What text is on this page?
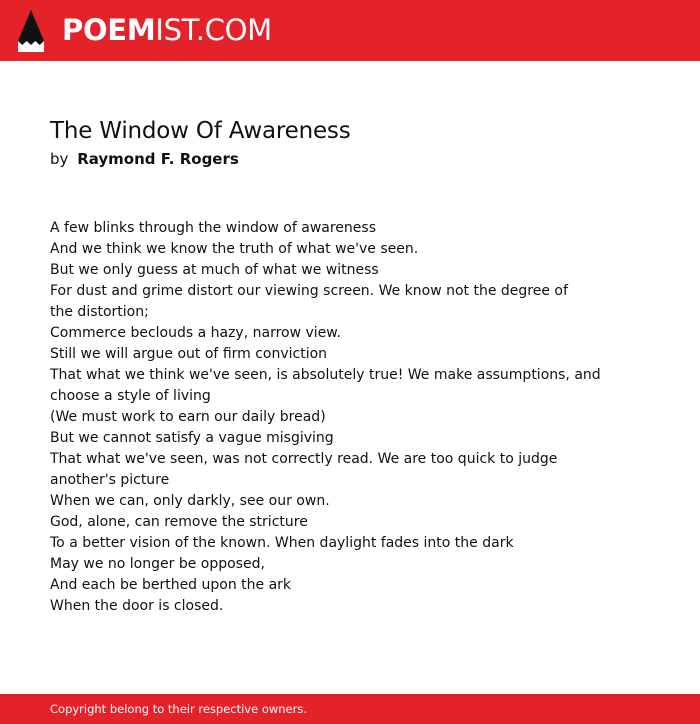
POEMIST.COM
The Window Of Awareness
by Raymond F. Rogers
A few blinks through the window of awareness
And we think we know the truth of what we've seen.
But we only guess at much of what we witness
For dust and grime distort our viewing screen. We know not the degree of
the distortion;
Commerce beclouds a hazy, narrow view.
Still we will argue out of firm conviction
That what we think we've seen, is absolutely true! We make assumptions, and
choose a style of living
(We must work to earn our daily bread)
But we cannot satisfy a vague misgiving
That what we've seen, was not correctly read. We are too quick to judge
another's picture
When we can, only darkly, see our own.
God, alone, can remove the stricture
To a better vision of the known. When daylight fades into the dark
May we no longer be opposed,
And each be berthed upon the ark
When the door is closed.
Copyright belong to their respective owners.
